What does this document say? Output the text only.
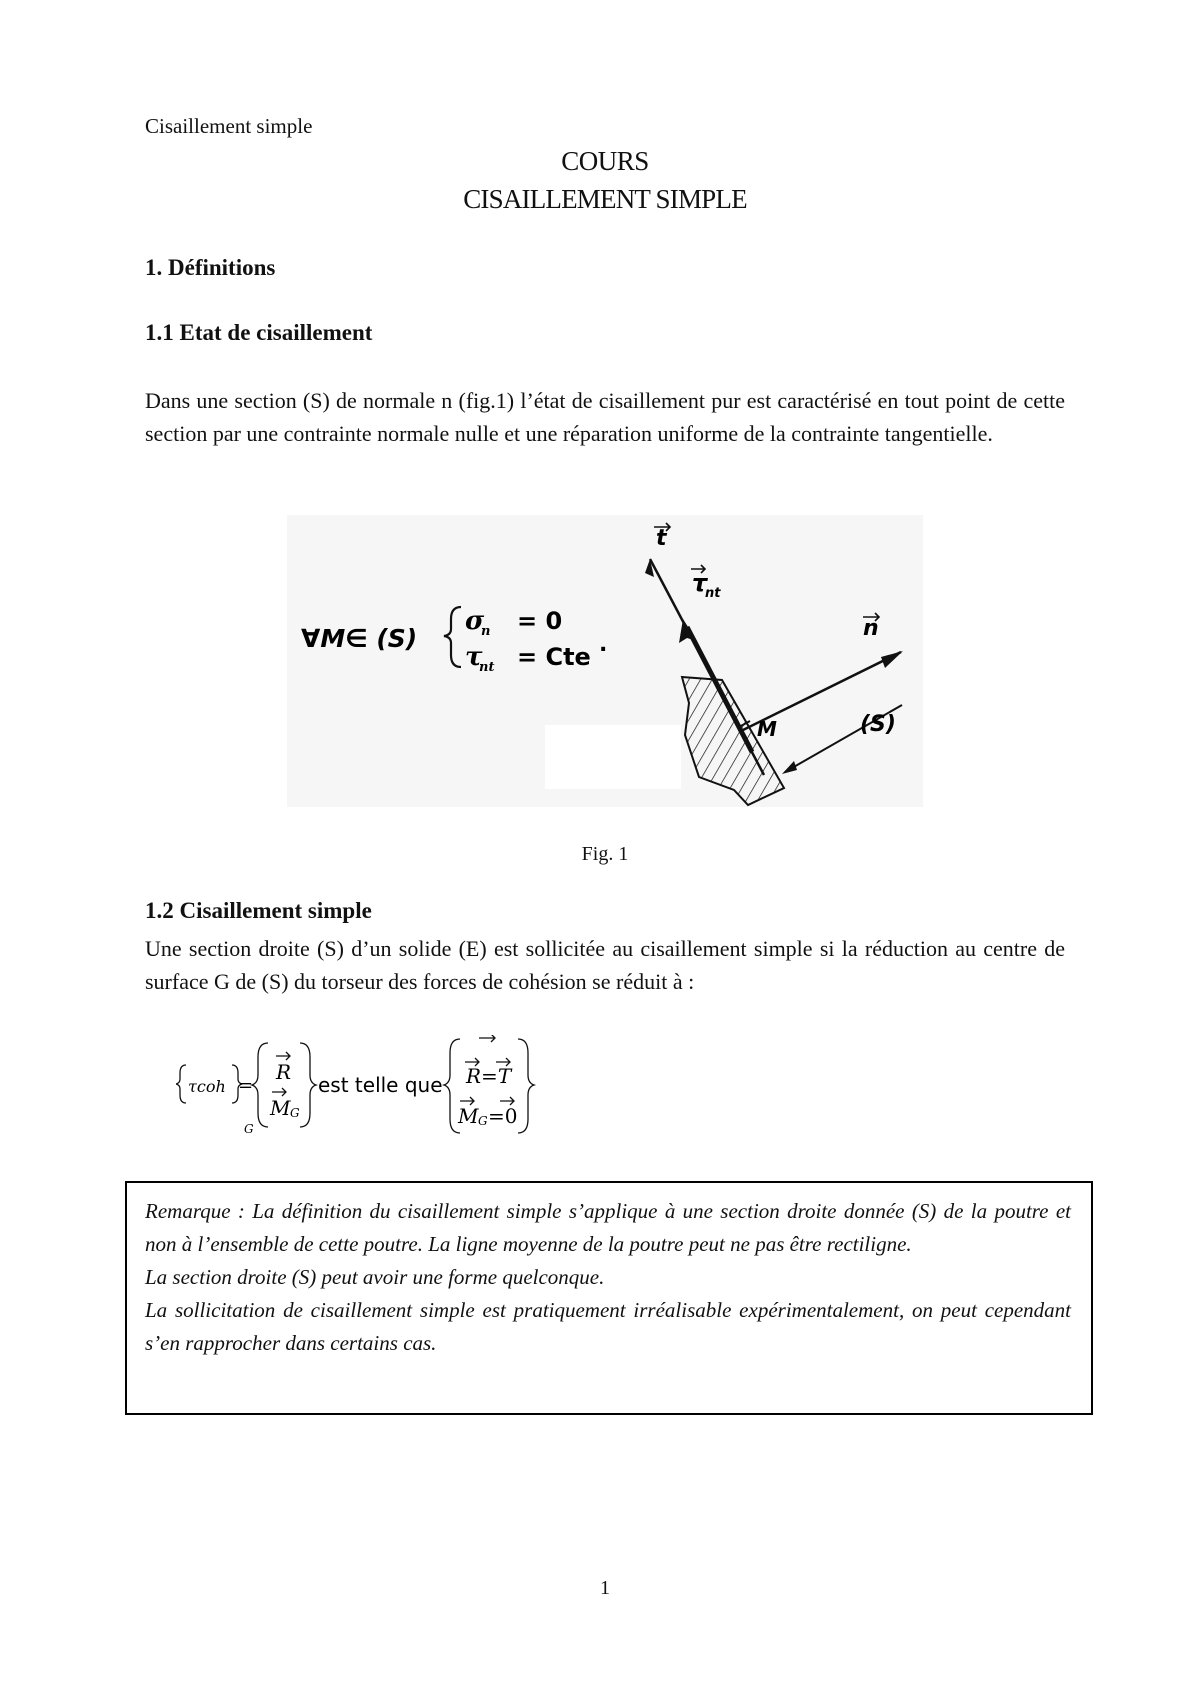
Cisaillement simple
COURS
CISAILLEMENT SIMPLE
1. Définitions
1.1 Etat de cisaillement
Dans une section (S) de normale n (fig.1) l’état de cisaillement pur est caractérisé en tout point de cette section par une contrainte normale nulle et une réparation uniforme de la contrainte tangentielle.
∀M∈ (S)
σ
n = 0
τ
nt = Cte .
t
τ
nt
n
M	(S)
Fig. 1
1.2 Cisaillement simple
Une section droite (S) d’un solide (E) est sollicitée au cisaillement simple si la réduction au centre de surface G de (S) du torseur des forces de cohésion se réduit à :
τcoh =
G
R
M G
est telle que R=T
M G =0
Remarque : La définition du cisaillement simple s’applique à une section droite donnée (S) de la poutre et non à l’ensemble de cette poutre. La ligne moyenne de la poutre peut ne pas être rectiligne.
La section droite (S) peut avoir une forme quelconque.
La sollicitation de cisaillement simple est pratiquement irréalisable expérimentalement, on peut cependant s’en rapprocher dans certains cas.
1
